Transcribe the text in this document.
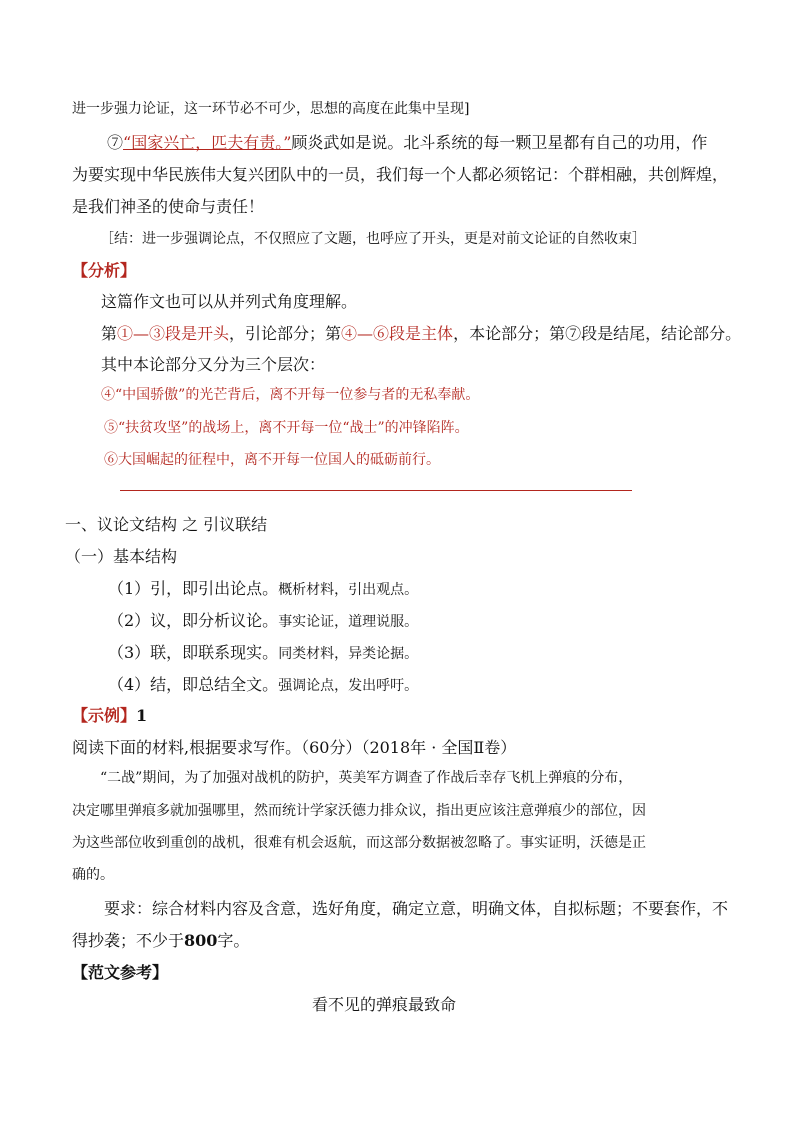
进一步强力论证，这一环节必不可少，思想的高度在此集中呈现]
⑦“国家兴亡，匹夫有责。”顾炎武如是说。北斗系统的每一颗卫星都有自己的功用，作
为要实现中华民族伟大复兴团队中的一员，我们每一个人都必须铭记：个群相融，共创辉煌，
是我们神圣的使命与责任！
［结：进一步强调论点，不仅照应了文题，也呼应了开头，更是对前文论证的自然收束］
【分析】
这篇作文也可以从并列式角度理解。
第①—③段是开头，引论部分；第④—⑥段是主体，本论部分；第⑦段是结尾，结论部分。
其中本论部分又分为三个层次：
④“中国骄傲”的光芒背后，离不开每一位参与者的无私奉献。
⑤“扶贫攻坚”的战场上，离不开每一位“战士”的冲锋陷阵。
⑥大国崛起的征程中，离不开每一位国人的砥砺前行。
一、议论文结构 之 引议联结
（一）基本结构
（1）引，即引出论点。概析材料，引出观点。
（2）议，即分析议论。事实论证，道理说服。
（3）联，即联系现实。同类材料，异类论据。
（4）结，即总结全文。强调论点，发出呼吁。
【示例】1
阅读下面的材料,根据要求写作。（60分）（2018年 · 全国Ⅱ卷）
“二战”期间，为了加强对战机的防护，英美军方调查了作战后幸存飞机上弹痕的分布，
决定哪里弹痕多就加强哪里，然而统计学家沃德力排众议，指出更应该注意弹痕少的部位，因
为这些部位收到重创的战机，很难有机会返航，而这部分数据被忽略了。事实证明，沃德是正
确的。
要求：综合材料内容及含意，选好角度，确定立意，明确文体，自拟标题；不要套作，不
得抄袭；不少于800字。
【范文参考】
看不见的弹痕最致命
